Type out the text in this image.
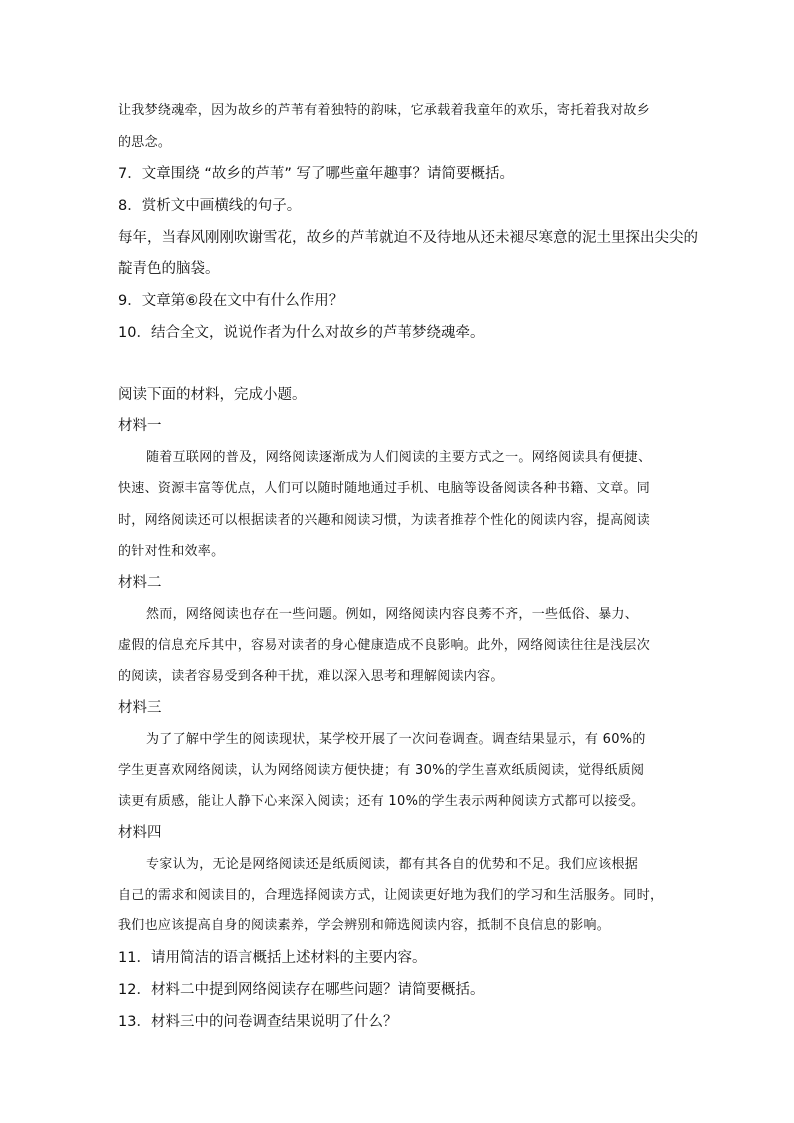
让我梦绕魂牵，因为故乡的芦苇有着独特的韵味，它承载着我童年的欢乐，寄托着我对故乡
的思念。
7．文章围绕 “故乡的芦苇” 写了哪些童年趣事？请简要概括。
8．赏析文中画横线的句子。
每年，当春风刚刚吹谢雪花，故乡的芦苇就迫不及待地从还未褪尽寒意的泥土里探出尖尖的
靛青色的脑袋。
9．文章第⑥段在文中有什么作用？
10．结合全文，说说作者为什么对故乡的芦苇梦绕魂牵。
阅读下面的材料，完成小题。
材料一
随着互联网的普及，网络阅读逐渐成为人们阅读的主要方式之一。网络阅读具有便捷、
快速、资源丰富等优点，人们可以随时随地通过手机、电脑等设备阅读各种书籍、文章。同
时，网络阅读还可以根据读者的兴趣和阅读习惯，为读者推荐个性化的阅读内容，提高阅读
的针对性和效率。
材料二
然而，网络阅读也存在一些问题。例如，网络阅读内容良莠不齐，一些低俗、暴力、
虚假的信息充斥其中，容易对读者的身心健康造成不良影响。此外，网络阅读往往是浅层次
的阅读，读者容易受到各种干扰，难以深入思考和理解阅读内容。
材料三
为了了解中学生的阅读现状，某学校开展了一次问卷调查。调查结果显示，有 60%的
学生更喜欢网络阅读，认为网络阅读方便快捷；有 30%的学生喜欢纸质阅读，觉得纸质阅
读更有质感，能让人静下心来深入阅读；还有 10%的学生表示两种阅读方式都可以接受。
材料四
专家认为，无论是网络阅读还是纸质阅读，都有其各自的优势和不足。我们应该根据
自己的需求和阅读目的，合理选择阅读方式，让阅读更好地为我们的学习和生活服务。同时，
我们也应该提高自身的阅读素养，学会辨别和筛选阅读内容，抵制不良信息的影响。
11．请用简洁的语言概括上述材料的主要内容。
12．材料二中提到网络阅读存在哪些问题？请简要概括。
13．材料三中的问卷调查结果说明了什么？
